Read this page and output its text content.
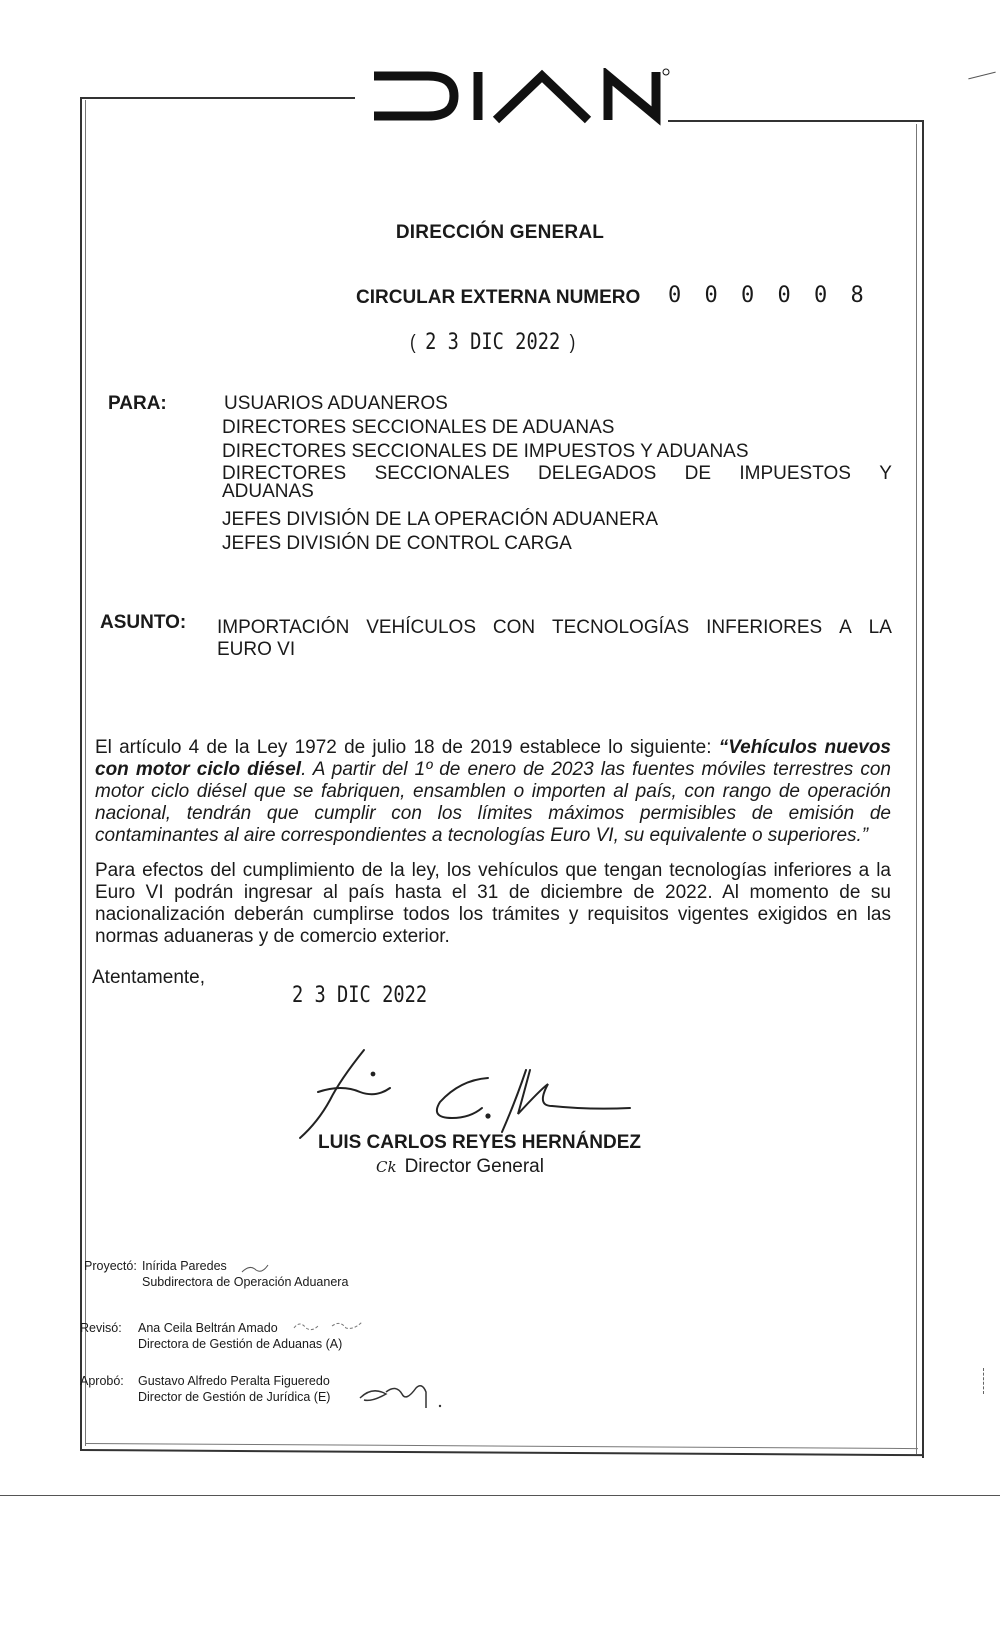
DIRECCIÓN GENERAL
CIRCULAR EXTERNA NUMERO 0 0 0 0 0 8
(  2 3 DIC 2022  )
PARA:	USUARIOS ADUANEROS
DIRECTORES SECCIONALES DE ADUANAS
DIRECTORES SECCIONALES DE IMPUESTOS Y ADUANAS
DIRECTORES SECCIONALES DELEGADOS DE IMPUESTOS Y
ADUANAS
JEFES DIVISIÓN DE LA OPERACIÓN ADUANERA
JEFES DIVISIÓN DE CONTROL CARGA
ASUNTO: IMPORTACIÓN VEHÍCULOS CON TECNOLOGÍAS INFERIORES A LA
EURO VI
El artículo 4 de la Ley 1972 de julio 18 de 2019 establece lo siguiente: “Vehículos nuevos con motor ciclo diésel. A partir del 1º de enero de 2023 las fuentes móviles terrestres con motor ciclo diésel que se fabriquen, ensamblen o importen al país, con rango de operación nacional, tendrán que cumplir con los límites máximos permisibles de emisión de contaminantes al aire correspondientes a tecnologías Euro VI, su equivalente o superiores.”
Para efectos del cumplimiento de la ley, los vehículos que tengan tecnologías inferiores a la Euro VI podrán ingresar al país hasta el 31 de diciembre de 2022. Al momento de su nacionalización deberán cumplirse todos los trámites y requisitos vigentes exigidos en las normas aduaneras y de comercio exterior.
Atentamente,
2 3 DIC 2022
LUIS CARLOS REYES HERNÁNDEZ
Ck Director General
Proyectó: Inírida Paredes
Subdirectora de Operación Aduanera
Revisó: Ana Ceila Beltrán Amado
Directora de Gestión de Aduanas (A)
Aprobó: Gustavo Alfredo Peralta Figueredo
Director de Gestión de Jurídica (E)
